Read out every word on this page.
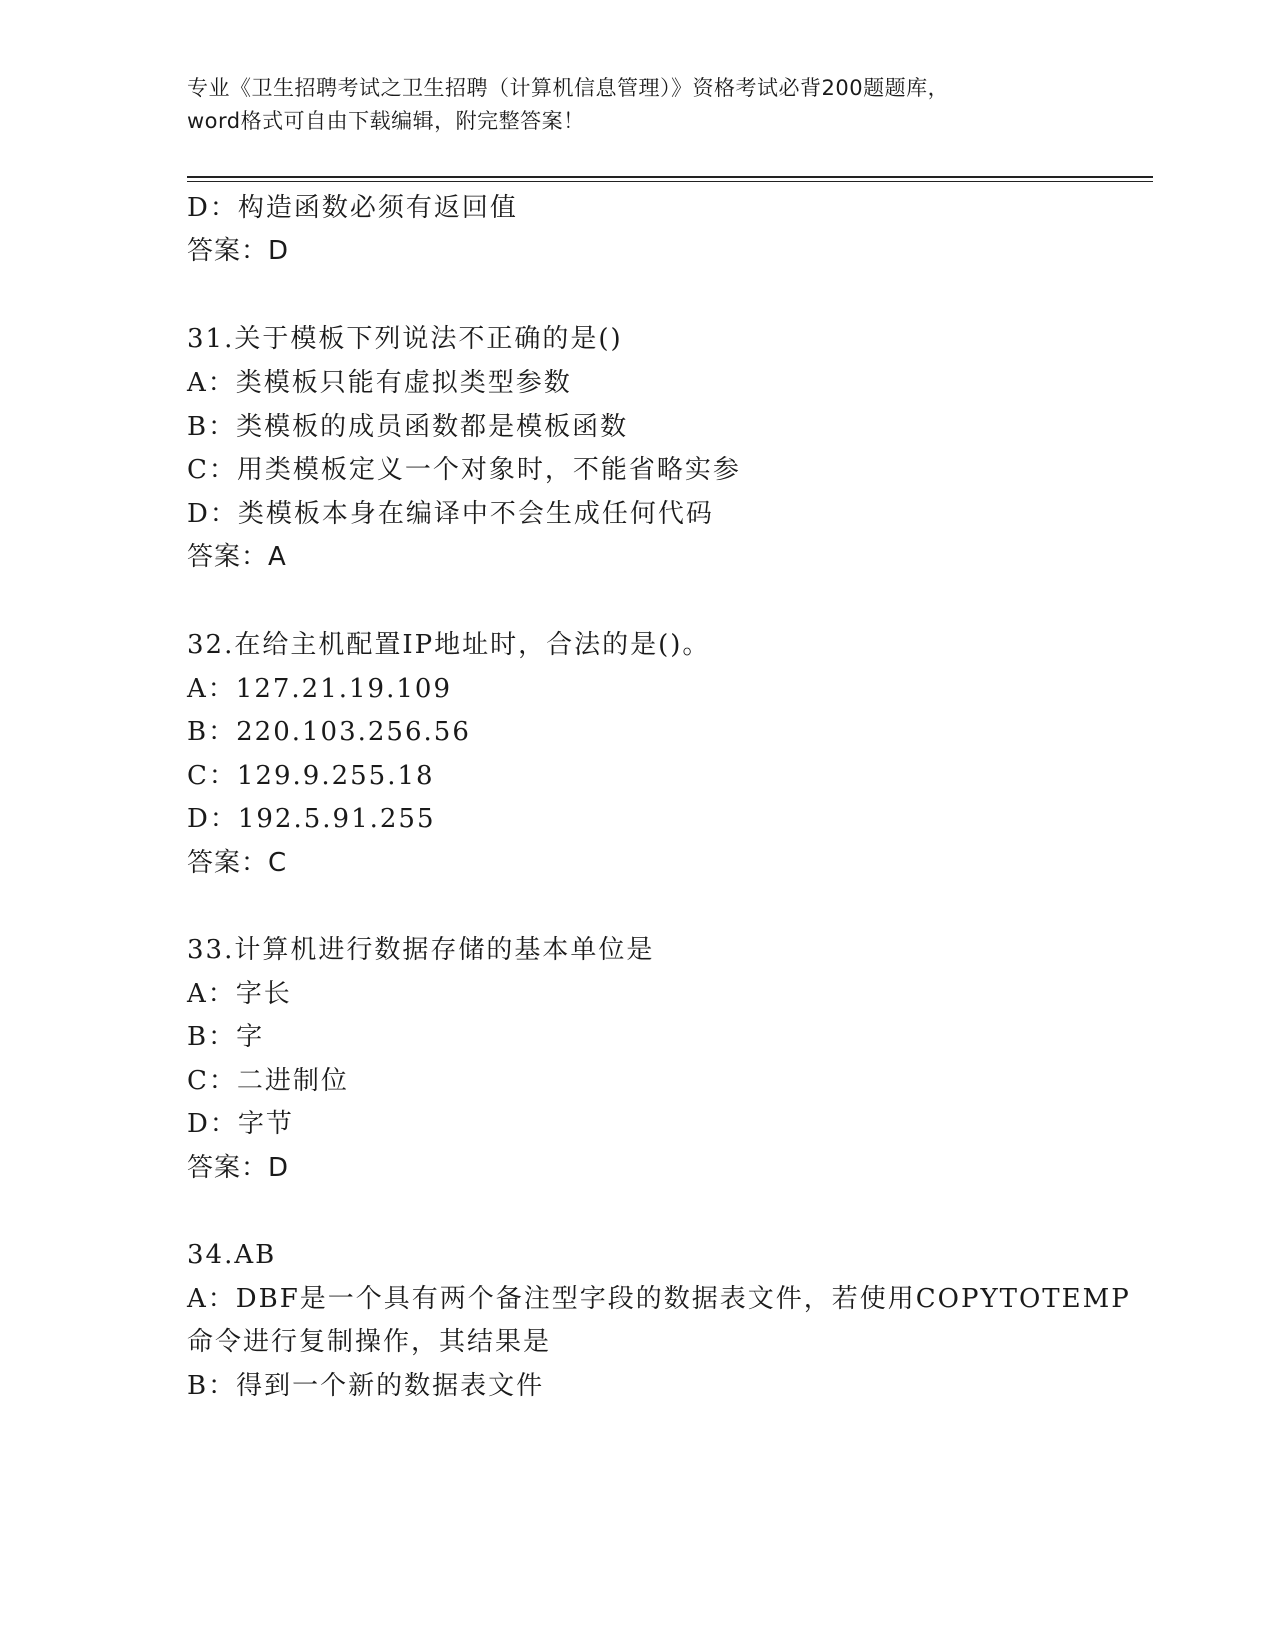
专业《卫生招聘考试之卫生招聘（计算机信息管理）》资格考试必背200题题库，
word格式可自由下载编辑，附完整答案！
D：构造函数必须有返回值
答案：D
31.关于模板下列说法不正确的是()
A：类模板只能有虚拟类型参数
B：类模板的成员函数都是模板函数
C：用类模板定义一个对象时，不能省略实参
D：类模板本身在编译中不会生成任何代码
答案：A
32.在给主机配置IP地址时，合法的是()。
A：127.21.19.109
B：220.103.256.56
C：129.9.255.18
D：192.5.91.255
答案：C
33.计算机进行数据存储的基本单位是
A：字长
B：字
C：二进制位
D：字节
答案：D
34.AB
A：DBF是一个具有两个备注型字段的数据表文件，若使用COPYTOTEMP
命令进行复制操作，其结果是
B：得到一个新的数据表文件
